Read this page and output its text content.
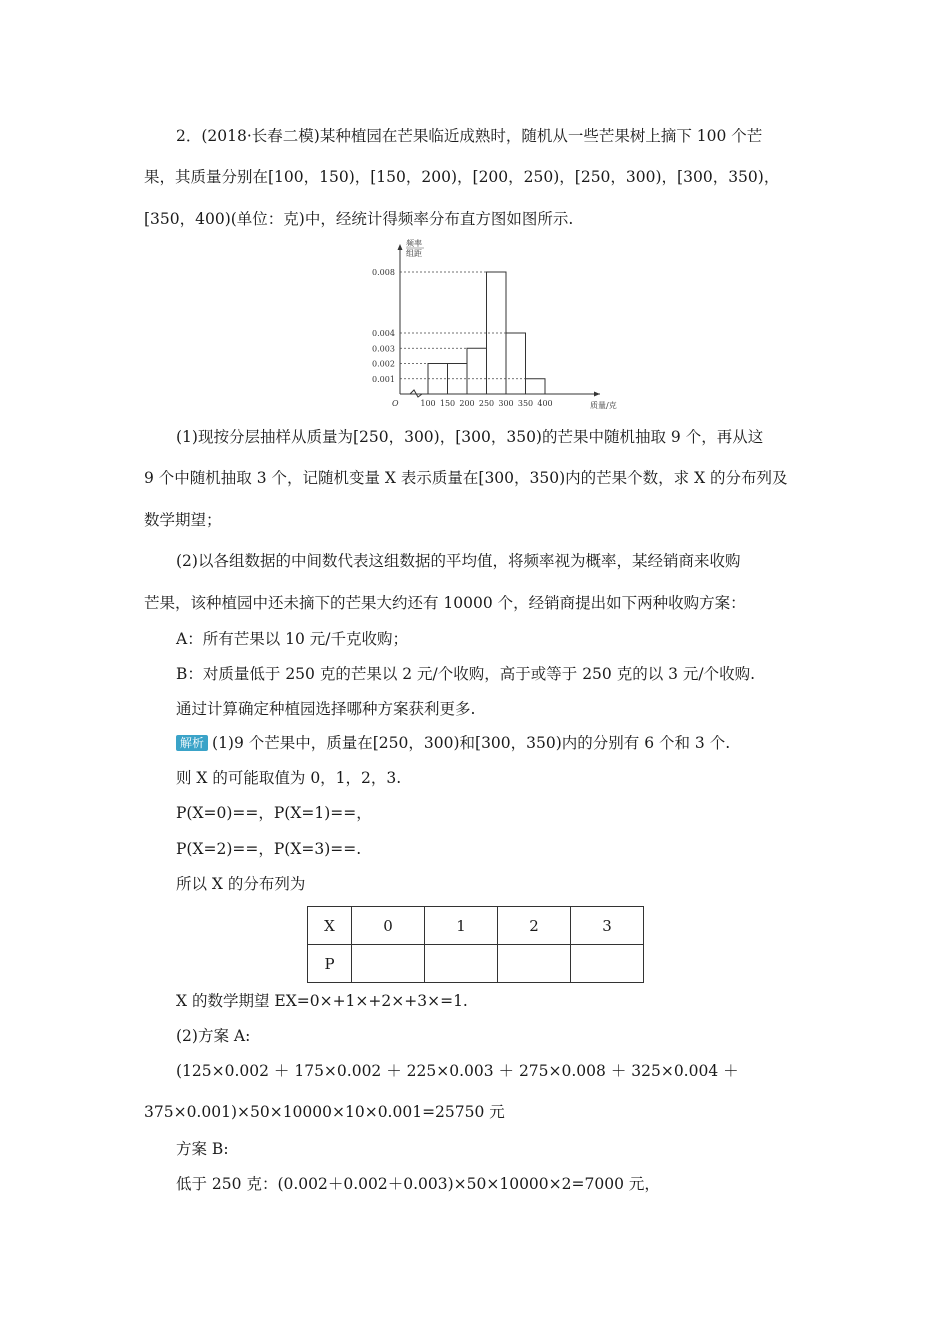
2．(2018·长春二模)某种植园在芒果临近成熟时，随机从一些芒果树上摘下 100 个芒
果，其质量分别在[100，150)，[150，200)，[200，250)，[250，300)，[300，350)，
[350，400)(单位：克)中，经统计得频率分布直方图如图所示.
频率
组距
O
0.001
0.002
0.003
0.004
0.008
100 150 200 250 300 350 400	质量/克
(1)现按分层抽样从质量为[250，300)，[300，350)的芒果中随机抽取 9 个，再从这
9 个中随机抽取 3 个，记随机变量 X 表示质量在[300，350)内的芒果个数，求 X 的分布列及
数学期望；
(2)以各组数据的中间数代表这组数据的平均值，将频率视为概率，某经销商来收购
芒果，该种植园中还未摘下的芒果大约还有 10000 个，经销商提出如下两种收购方案：
A：所有芒果以 10 元/千克收购；
B：对质量低于 250 克的芒果以 2 元/个收购，高于或等于 250 克的以 3 元/个收购.
通过计算确定种植园选择哪种方案获利更多.
解析 (1)9 个芒果中，质量在[250，300)和[300，350)内的分别有 6 个和 3 个.
则 X 的可能取值为 0，1，2，3.
P(X=0)==，P(X=1)==，
P(X=2)==，P(X=3)==.
所以 X 的分布列为
X	0	1	2	3
P				
X 的数学期望 EX=0×+1×+2×+3×=1.
(2)方案 A:
(125×0.002 ＋ 175×0.002 ＋ 225×0.003 ＋ 275×0.008 ＋ 325×0.004 ＋
375×0.001)×50×10000×10×0.001=25750 元
方案 B:
低于 250 克：(0.002＋0.002＋0.003)×50×10000×2=7000 元，
